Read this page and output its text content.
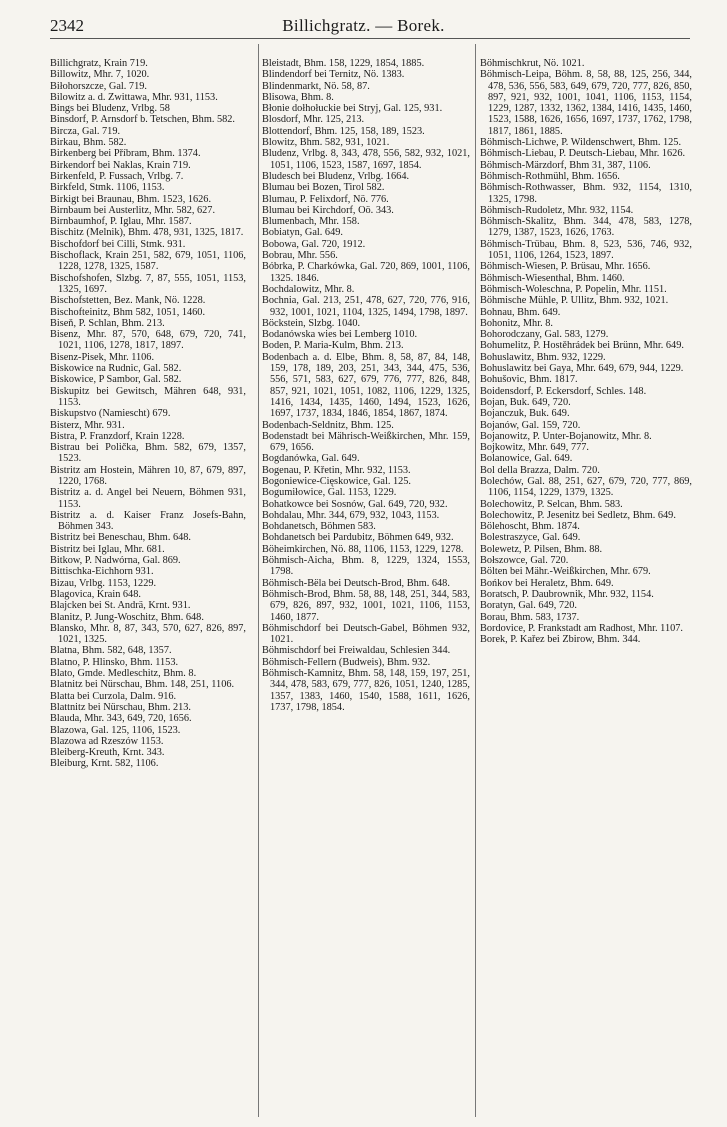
2342	Billichgratz. — Borek.

Billichgratz, Krain 719.

Billowitz, Mhr. 7, 1020.

Biłohorszcze, Gal. 719.

Bilowitz a. d. Zwittawa, Mhr. 931, 1153.

Bings bei Bludenz, Vrlbg. 58

Binsdorf, P. Arnsdorf b. Tetschen, Bhm. 582.

Bircza, Gal. 719.

Birkau, Bhm. 582.

Birkenberg bei Příbram, Bhm. 1374.

Birkendorf bei Naklas, Krain 719.

Birkenfeld, P. Fussach, Vrlbg. 7.

Birkfeld, Stmk. 1106, 1153.

Birkigt bei Braunau, Bhm. 1523, 1626.

Birnbaum bei Austerlitz, Mhr. 582, 627.

Birnbaumhof, P. Iglau, Mhr. 1587.

Bischitz (Melnik), Bhm. 478, 931, 1325, 1817.

Bischofdorf bei Cilli, Stmk. 931.

Bischoflack, Krain 251, 582, 679, 1051, 1106, 1228, 1278, 1325, 1587.

Bischofshofen, Slzbg. 7, 87, 555, 1051, 1153, 1325, 1697.

Bischofstetten, Bez. Mank, Nö. 1228.

Bischofteinitz, Bhm 582, 1051, 1460.

Biseň, P. Schlan, Bhm. 213.

Bisenz, Mhr. 87, 570, 648, 679, 720, 741, 1021, 1106, 1278, 1817, 1897.

Bisenz-Pisek, Mhr. 1106.

Biskowice na Rudnic, Gal. 582.

Biskowice, P Sambor, Gal. 582.

Biskupitz bei Gewitsch, Mähren 648, 931, 1153.

Biskupstvo (Namiescht) 679.

Bisterz, Mhr. 931.

Bistra, P. Franzdorf, Krain 1228.

Bistrau bei Polička, Bhm. 582, 679, 1357, 1523.

Bistritz am Hostein, Mähren 10, 87, 679, 897, 1220, 1768.

Bistritz a. d. Angel bei Neuern, Böhmen 931, 1153.

Bistritz a. d. Kaiser Franz Josefs-Bahn, Böhmen 343.

Bistritz bei Beneschau, Bhm. 648.

Bistritz bei Iglau, Mhr. 681.

Bitkow, P. Nadwórna, Gal. 869.

Bittischka-Eichhorn 931.

Bizau, Vrlbg. 1153, 1229.

Blagovica, Krain 648.

Blajcken bei St. Andrä, Krnt. 931.

Blanitz, P. Jung-Woschitz, Bhm. 648.

Blansko, Mhr. 8, 87, 343, 570, 627, 826, 897, 1021, 1325.

Blatna, Bhm. 582, 648, 1357.

Blatno, P. Hlinsko, Bhm. 1153.

Blato, Gmde. Medleschitz, Bhm. 8.

Blatnitz bei Nürschau, Bhm. 148, 251, 1106.

Blatta bei Curzola, Dalm. 916.

Blattnitz bei Nürschau, Bhm. 213.

Blauda, Mhr. 343, 649, 720, 1656.

Blazowa, Gal. 125, 1106, 1523.

Blazowa ad Rzeszów 1153.

Bleiberg-Kreuth, Krnt. 343.

Bleiburg, Krnt. 582, 1106.

Bleistadt, Bhm. 158, 1229, 1854, 1885.

Blindendorf bei Ternitz, Nö. 1383.

Blindenmarkt, Nö. 58, 87.

Blisowa, Bhm. 8.

Błonie dołhołuckie bei Stryj, Gal. 125, 931.

Blosdorf, Mhr. 125, 213.

Blottendorf, Bhm. 125, 158, 189, 1523.

Blowitz, Bhm. 582, 931, 1021.

Bludenz, Vrlbg. 8, 343, 478, 556, 582, 932, 1021, 1051, 1106, 1523, 1587, 1697, 1854.

Bludesch bei Bludenz, Vrlbg. 1664.

Blumau bei Bozen, Tirol 582.

Blumau, P. Felixdorf, Nö. 776.

Blumau bei Kirchdorf, Oö. 343.

Blumenbach, Mhr. 158.

Bobiatyn, Gal. 649.

Bobowa, Gal. 720, 1912.

Bobrau, Mhr. 556.

Bóbrka, P. Charkówka, Gal. 720, 869, 1001, 1106, 1325. 1846.

Bochdalowitz, Mhr. 8.

Bochnia, Gal. 213, 251, 478, 627, 720, 776, 916, 932, 1001, 1021, 1104, 1325, 1494, 1798, 1897.

Böckstein, Slzbg. 1040.

Bodanówska wies bei Lemberg 1010.

Boden, P. Maria-Kulm, Bhm. 213.

Bodenbach a. d. Elbe, Bhm. 8, 58, 87, 84, 148, 159, 178, 189, 203, 251, 343, 344, 475, 536, 556, 571, 583, 627, 679, 776, 777, 826, 848, 857, 921, 1021, 1051, 1082, 1106, 1229, 1325, 1416, 1434, 1435, 1460, 1494, 1523, 1626, 1697, 1737, 1834, 1846, 1854, 1867, 1874.

Bodenbach-Seldnitz, Bhm. 125.

Bodenstadt bei Mährisch-Weißkirchen, Mhr. 159, 679, 1656.

Bogdanówka, Gal. 649.

Bogenau, P. Křetin, Mhr. 932, 1153.

Bogoniewice-Cięskowice, Gal. 125.

Bogumiłowice, Gal. 1153, 1229.

Bohatkowce bei Sosnów, Gal. 649, 720, 932.

Bohdalau, Mhr. 344, 679, 932, 1043, 1153.

Bohdanetsch, Böhmen 583.

Bohdanetsch bei Pardubitz, Böhmen 649, 932.

Böheimkirchen, Nö. 88, 1106, 1153, 1229, 1278.

Böhmisch-Aicha, Bhm. 8, 1229, 1324, 1553, 1798.

Böhmisch-Bëla bei Deutsch-Brod, Bhm. 648.

Böhmisch-Brod, Bhm. 58, 88, 148, 251, 344, 583, 679, 826, 897, 932, 1001, 1021, 1106, 1153, 1460, 1877.

Böhmischdorf bei Deutsch-Gabel, Böhmen 932, 1021.

Böhmischdorf bei Freiwaldau, Schlesien 344.

Böhmisch-Fellern (Budweis), Bhm. 932.

Böhmisch-Kamnitz, Bhm. 58, 148, 159, 197, 251, 344, 478, 583, 679, 777, 826, 1051, 1240, 1285, 1357, 1383, 1460, 1540, 1588, 1611, 1626, 1737, 1798, 1854.

Böhmischkrut, Nö. 1021.

Böhmisch-Leipa, Böhm. 8, 58, 88, 125, 256, 344, 478, 536, 556, 583, 649, 679, 720, 777, 826, 850, 897, 921, 932, 1001, 1041, 1106, 1153, 1154, 1229, 1287, 1332, 1362, 1384, 1416, 1435, 1460, 1523, 1588, 1626, 1656, 1697, 1737, 1762, 1798, 1817, 1861, 1885.

Böhmisch-Lichwe, P. Wildenschwert, Bhm. 125.

Böhmisch-Liebau, P. Deutsch-Liebau, Mhr. 1626.

Böhmisch-Märzdorf, Bhm 31, 387, 1106.

Böhmisch-Rothmühl, Bhm. 1656.

Böhmisch-Rothwasser, Bhm. 932, 1154, 1310, 1325, 1798.

Böhmisch-Rudoletz, Mhr. 932, 1154.

Böhmisch-Skalitz, Bhm. 344, 478, 583, 1278, 1279, 1387, 1523, 1626, 1763.

Böhmisch-Trübau, Bhm. 8, 523, 536, 746, 932, 1051, 1106, 1264, 1523, 1897.

Böhmisch-Wiesen, P. Brüsau, Mhr. 1656.

Böhmisch-Wiesenthal, Bhm. 1460.

Böhmisch-Woleschna, P. Popelin, Mhr. 1151.

Böhmische Mühle, P. Ullitz, Bhm. 932, 1021.

Bohnau, Bhm. 649.

Bohonitz, Mhr. 8.

Bohorodczany, Gal. 583, 1279.

Bohumelitz, P. Hostěhrádek bei Brünn, Mhr. 649.

Bohuslawitz, Bhm. 932, 1229.

Bohuslawitz bei Gaya, Mhr. 649, 679, 944, 1229.

Bohušovic, Bhm. 1817.

Boidensdorf, P. Eckersdorf, Schles. 148.

Bojan, Buk. 649, 720.

Bojanczuk, Buk. 649.

Bojanów, Gal. 159, 720.

Bojanowitz, P. Unter-Bojanowitz, Mhr. 8.

Bojkowitz, Mhr. 649, 777.

Bolanowice, Gal. 649.

Bol della Brazza, Dalm. 720.

Bolechów, Gal. 88, 251, 627, 679, 720, 777, 869, 1106, 1154, 1229, 1379, 1325.

Bolechowitz, P. Selcan, Bhm. 583.

Bolechowitz, P. Jesenitz bei Sedletz, Bhm. 649.

Bölehoscht, Bhm. 1874.

Bolestraszyce, Gal. 649.

Bolewetz, P. Pilsen, Bhm. 88.

Bołszowce, Gal. 720.

Bölten bei Mähr.-Weißkirchen, Mhr. 679.

Bońkov bei Heraletz, Bhm. 649.

Boratsch, P. Daubrownik, Mhr. 932, 1154.

Boratyn, Gal. 649, 720.

Borau, Bhm. 583, 1737.

Bordovice, P. Frankstadt am Radhost, Mhr. 1107.

Borek, P. Kařez bei Zbirow, Bhm. 344.
